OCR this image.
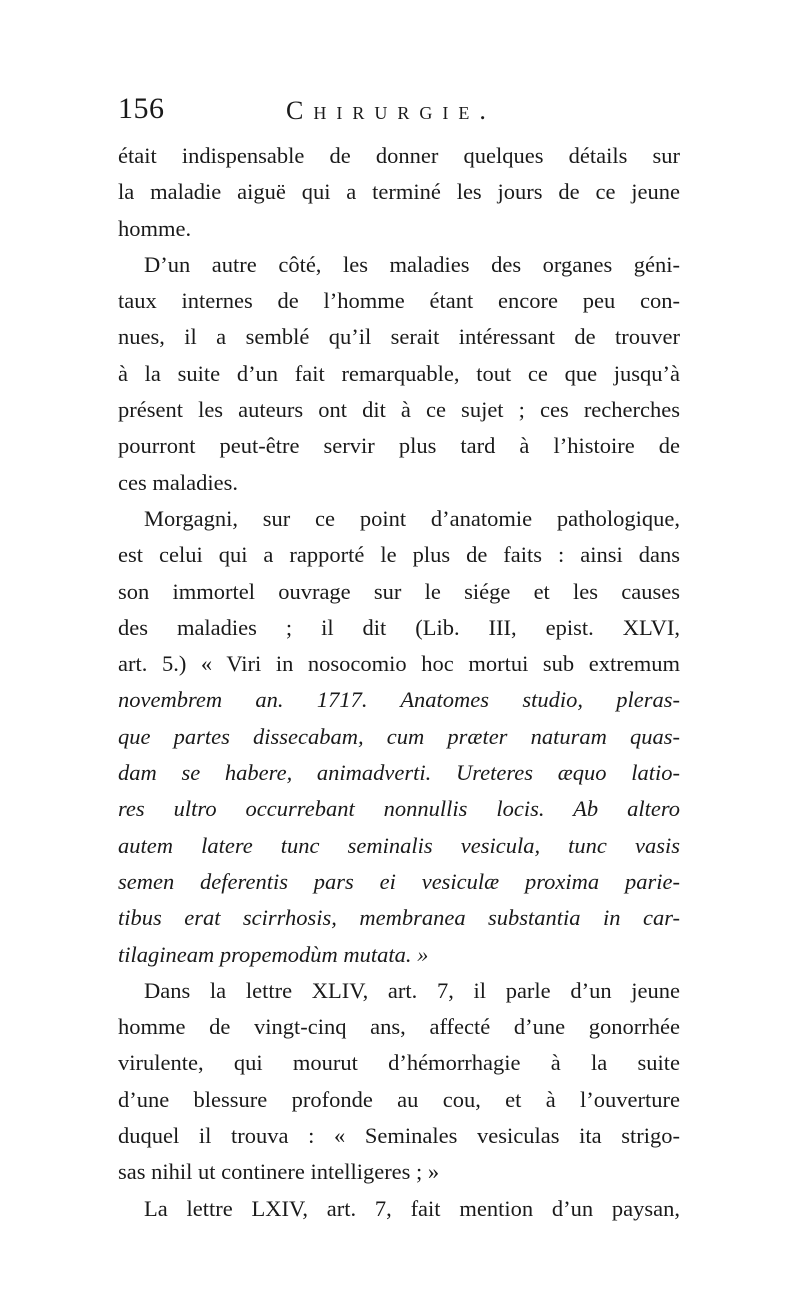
156	Chirurgie.
était indispensable de donner quelques détails sur
la maladie aiguë qui a terminé les jours de ce jeune
homme.
D’un autre côté, les maladies des organes géni-
taux internes de l’homme étant encore peu con-
nues, il a semblé qu’il serait intéressant de trouver
à la suite d’un fait remarquable, tout ce que jusqu’à
présent les auteurs ont dit à ce sujet ; ces recherches
pourront peut-être servir plus tard à l’histoire de
ces maladies.
Morgagni, sur ce point d’anatomie pathologique,
est celui qui a rapporté le plus de faits : ainsi dans
son immortel ouvrage sur le siége et les causes
des maladies ; il dit (Lib. III, epist. XLVI,
art. 5.) « Viri in nosocomio hoc mortui sub extremum
novembrem an. 1717. Anatomes studio, pleras-
que partes dissecabam, cum præter naturam quas-
dam se habere, animadverti. Ureteres æquo latio-
res ultro occurrebant nonnullis locis. Ab altero
autem latere tunc seminalis vesicula, tunc vasis
semen deferentis pars ei vesiculæ proxima parie-
tibus erat scirrhosis, membranea substantia in car-
tilagineam propemodùm mutata. »
Dans la lettre XLIV, art. 7, il parle d’un jeune
homme de vingt-cinq ans, affecté d’une gonorrhée
virulente, qui mourut d’hémorrhagie à la suite
d’une blessure profonde au cou, et à l’ouverture
duquel il trouva : « Seminales vesiculas ita strigo-
sas nihil ut continere intelligeres ; »
La lettre LXIV, art. 7, fait mention d’un paysan,
